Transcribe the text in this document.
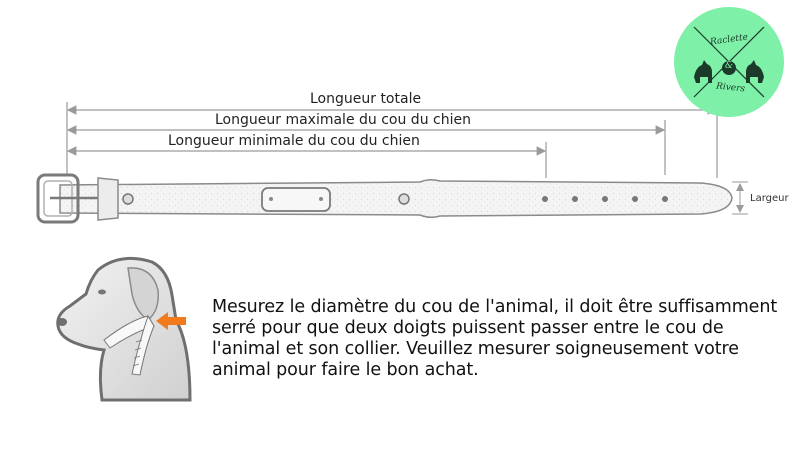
Longueur totale
Longueur maximale du cou du chien
Longueur minimale du cou du chien
Largeur
Raclette
&
Rivers
Mesurez le diamètre du cou de l'animal, il doit être suffisamment serré pour que deux doigts puissent passer entre le cou de l'animal et son collier. Veuillez mesurer soigneusement votre animal pour faire le bon achat.
